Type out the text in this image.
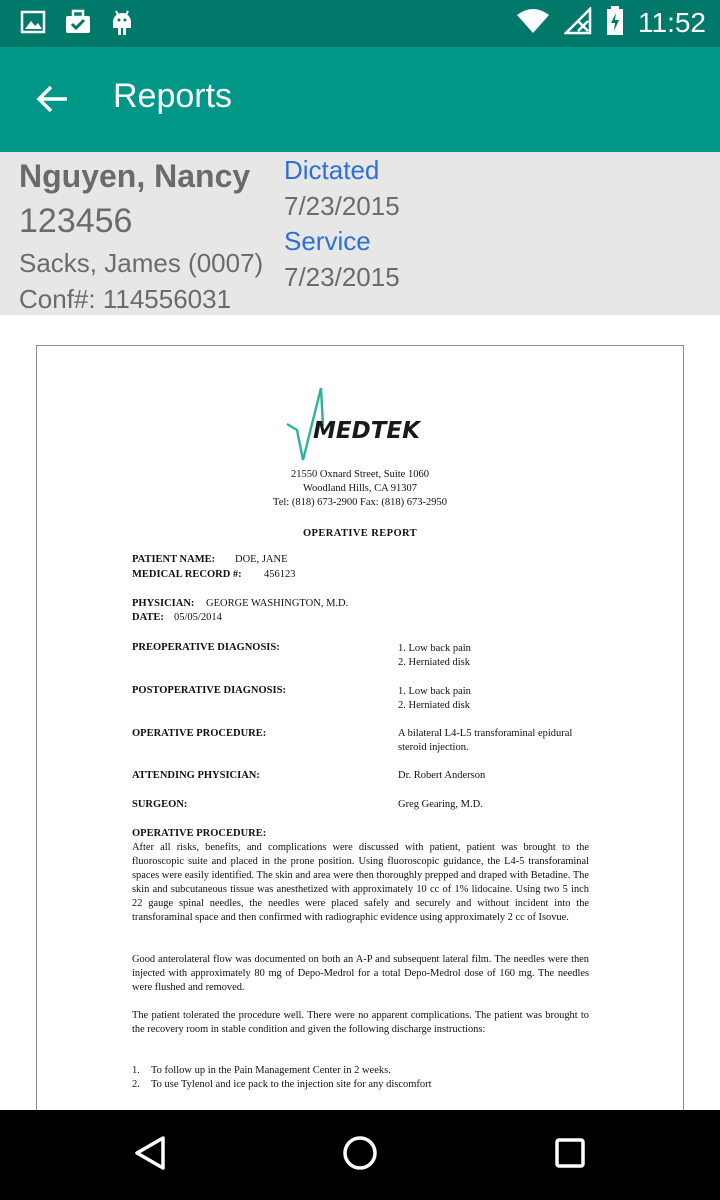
11:52
Reports
Nguyen, Nancy
123456
Sacks, James (0007)
Conf#: 114556031
Dictated
7/23/2015
Service
7/23/2015
MEDTEK
21550 Oxnard Street, Suite 1060
Woodland Hills, CA 91307
Tel: (818) 673-2900 Fax: (818) 673-2950
OPERATIVE REPORT
PATIENT NAME: DOE, JANE
MEDICAL RECORD #: 456123
PHYSICIAN: GEORGE WASHINGTON, M.D.
DATE: 05/05/2014
PREOPERATIVE DIAGNOSIS:	1. Low back pain
2. Herniated disk
POSTOPERATIVE DIAGNOSIS:	1. Low back pain
2. Herniated disk
OPERATIVE PROCEDURE:	A bilateral L4-L5 transforaminal epidural
steroid injection.
ATTENDING PHYSICIAN:	Dr. Robert Anderson
SURGEON:	Greg Gearing, M.D.
OPERATIVE PROCEDURE:
After all risks, benefits, and complications were discussed with patient, patient was brought to the fluoroscopic suite and placed in the prone position. Using fluoroscopic guidance, the L4-5 transforaminal spaces were easily identified. The skin and area were then thoroughly prepped and draped with Betadine. The skin and subcutaneous tissue was anesthetized with approximately 10 cc of 1% lidocaine. Using two 5 inch 22 gauge spinal needles, the needles were placed safely and securely and without incident into the transforaminal space and then confirmed with radiographic evidence using approximately 2 cc of Isovue.
Good anterolateral flow was documented on both an A-P and subsequent lateral film. The needles were then injected with approximately 80 mg of Depo-Medrol for a total Depo-Medrol dose of 160 mg. The needles were flushed and removed.
The patient tolerated the procedure well. There were no apparent complications. The patient was brought to the recovery room in stable condition and given the following discharge instructions:
1. To follow up in the Pain Management Center in 2 weeks.
2. To use Tylenol and ice pack to the injection site for any discomfort
